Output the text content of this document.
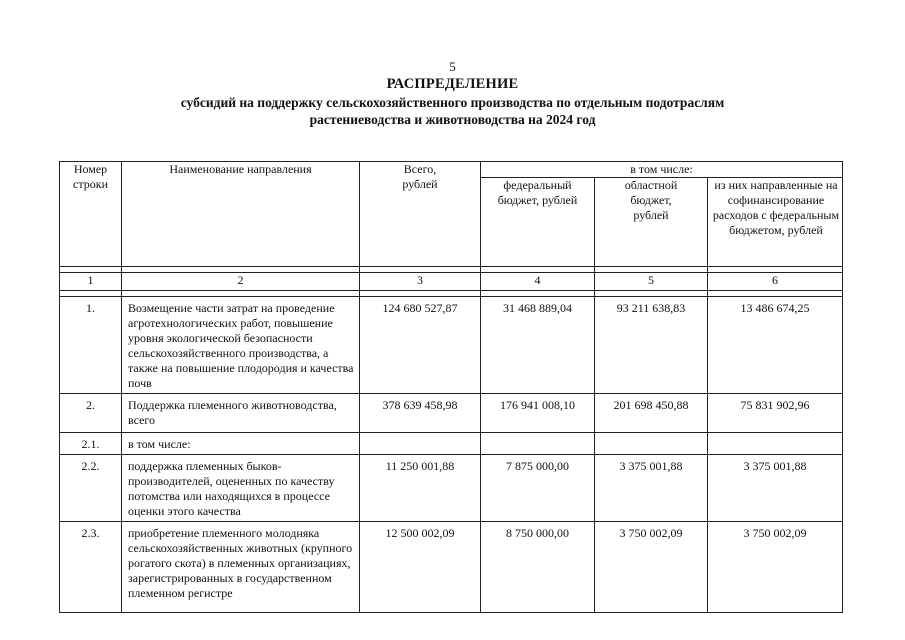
5
РАСПРЕДЕЛЕНИЕ
субсидий на поддержку сельскохозяйственного производства по отдельным подотраслям
растениеводства и животноводства на 2024 год
Номер строки	Наименование направления	Всего, рублей	в том числе:		

			федеральный бюджет, рублей	областной бюджет, рублей	из них направленные на софинансирование расходов с федеральным бюджетом, рублей

1	2	3	4	5	6

1.	Возмещение части затрат на проведение агротехнологических работ, повышение уровня экологической безопасности сельскохозяйственного производства, а также на повышение плодородия и качества почв	124 680 527,87	31 468 889,04	93 211 638,83	13 486 674,25
2.	Поддержка племенного животноводства, всего	378 639 458,98	176 941 008,10	201 698 450,88	75 831 902,96
2.1.	в том числе:				
2.2.	поддержка племенных быков-производителей, оцененных по качеству потомства или находящихся в процессе оценки этого качества	11 250 001,88	7 875 000,00	3 375 001,88	3 375 001,88
2.3.	приобретение племенного молодняка сельскохозяйственных животных (крупного рогатого скота) в племенных организациях, зарегистрированных в государственном племенном регистре	12 500 002,09	8 750 000,00	3 750 002,09	3 750 002,09
